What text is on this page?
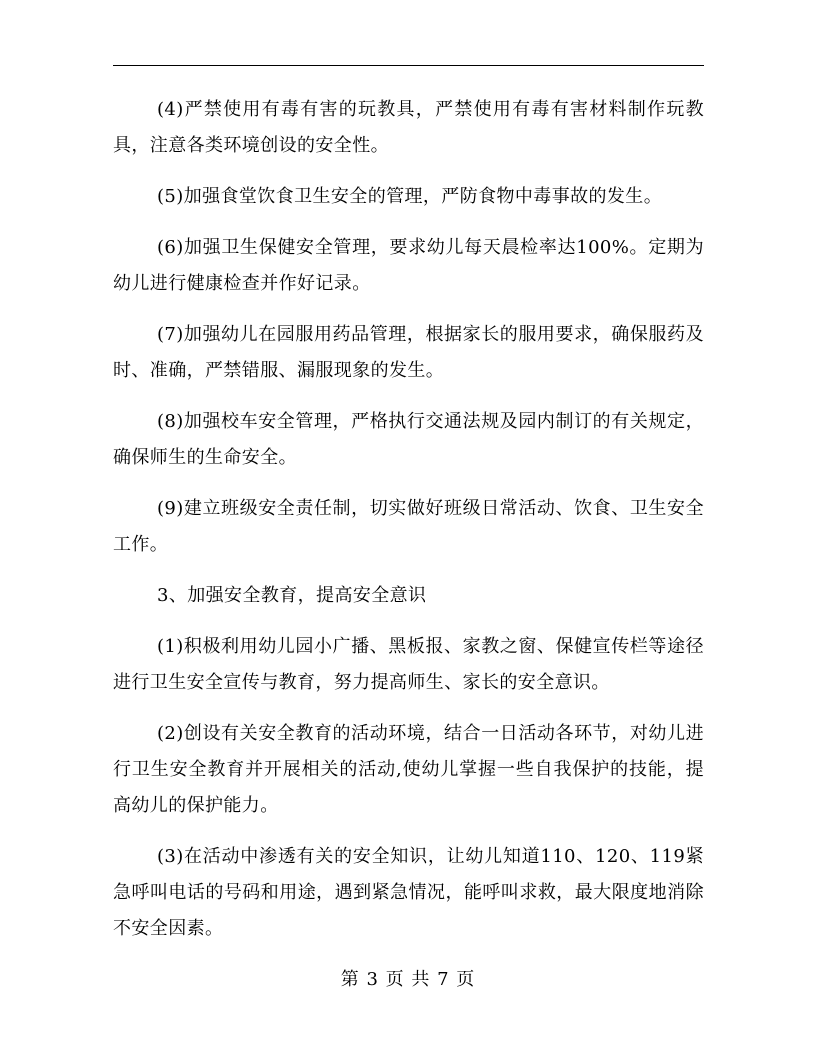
(4)严禁使用有毒有害的玩教具，严禁使用有毒有害材料制作玩教具，注意各类环境创设的安全性。

(5)加强食堂饮食卫生安全的管理，严防食物中毒事故的发生。

(6)加强卫生保健安全管理，要求幼儿每天晨检率达100%。定期为幼儿进行健康检查并作好记录。

(7)加强幼儿在园服用药品管理，根据家长的服用要求，确保服药及时、准确，严禁错服、漏服现象的发生。

(8)加强校车安全管理，严格执行交通法规及园内制订的有关规定，确保师生的生命安全。

(9)建立班级安全责任制，切实做好班级日常活动、饮食、卫生安全工作。

3、加强安全教育，提高安全意识

(1)积极利用幼儿园小广播、黑板报、家教之窗、保健宣传栏等途径进行卫生安全宣传与教育，努力提高师生、家长的安全意识。

(2)创设有关安全教育的活动环境，结合一日活动各环节，对幼儿进行卫生安全教育并开展相关的活动,使幼儿掌握一些自我保护的技能，提高幼儿的保护能力。

(3)在活动中渗透有关的安全知识，让幼儿知道110、120、119紧急呼叫电话的号码和用途，遇到紧急情况，能呼叫求救，最大限度地消除不安全因素。

第 3 页 共 7 页
